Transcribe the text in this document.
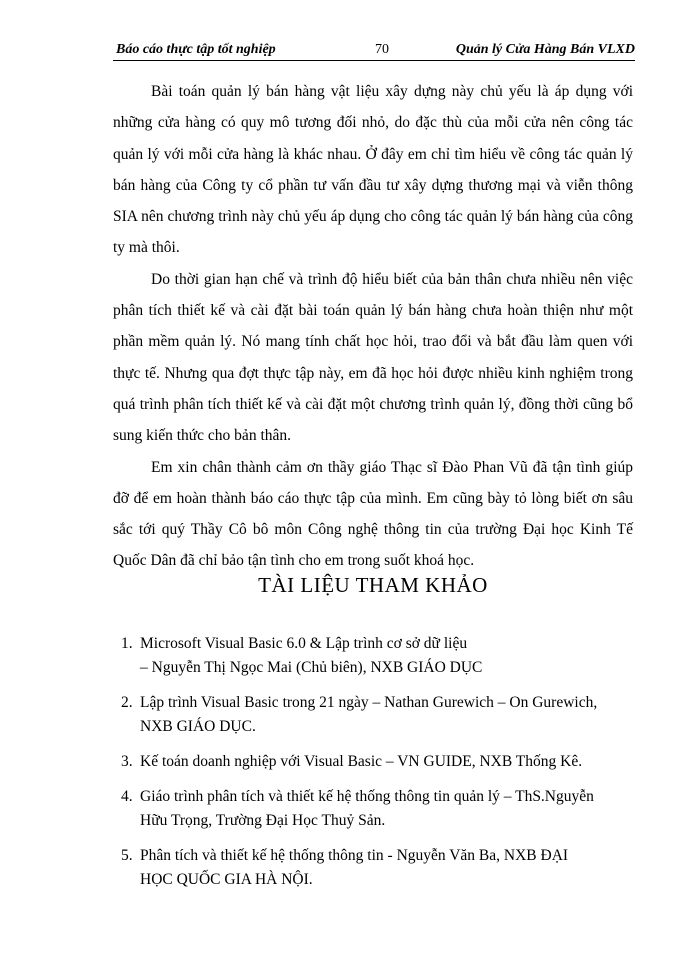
Báo cáo thực tập tốt nghiệp	70	Quản lý Cửa Hàng Bán VLXD

Bài toán quản lý bán hàng vật liệu xây dựng này chủ yếu là áp dụng với những cửa hàng có quy mô tương đối nhỏ, do đặc thù của mỗi cửa nên công tác quản lý với mỗi cửa hàng là khác nhau. Ở đây em chỉ tìm hiểu về công tác quản lý bán hàng của Công ty cổ phần tư vấn đầu tư xây dựng thương mại và viễn thông SIA nên chương trình này chủ yếu áp dụng cho công tác quản lý bán hàng của công ty mà thôi.

Do thời gian hạn chế và trình độ hiểu biết của bản thân chưa nhiều nên việc phân tích thiết kế và cài đặt bài toán quản lý bán hàng chưa hoàn thiện như một phần mềm quản lý. Nó mang tính chất học hỏi, trao đổi và bắt đầu làm quen với thực tế. Nhưng qua đợt thực tập này, em đã học hỏi được nhiều kinh nghiệm trong quá trình phân tích thiết kế và cài đặt một chương trình quản lý, đồng thời cũng bổ sung kiến thức cho bản thân.

Em xin chân thành cảm ơn thầy giáo Thạc sĩ Đào Phan Vũ đã tận tình giúp đỡ để em hoàn thành báo cáo thực tập của mình. Em cũng bày tỏ lòng biết ơn sâu sắc tới quý Thầy Cô bô môn Công nghệ thông tin của trường Đại học Kinh Tế Quốc Dân đã chỉ bảo tận tình cho em trong suốt khoá học.

TÀI LIỆU THAM KHẢO
1. Microsoft Visual Basic 6.0 & Lập trình cơ sở dữ liệu
– Nguyễn Thị Ngọc Mai (Chủ biên), NXB GIÁO DỤC
2. Lập trình Visual Basic trong 21 ngày – Nathan Gurewich – On Gurewich,
NXB GIÁO DỤC.
3. Kế toán doanh nghiệp với Visual Basic – VN GUIDE, NXB Thống Kê.
4. Giáo trình phân tích và thiết kế hệ thống thông tin quản lý – ThS.Nguyễn
Hữu Trọng, Trường Đại Học Thuỷ Sản.
5. Phân tích và thiết kế hệ thống thông tin - Nguyễn Văn Ba, NXB ĐẠI
HỌC QUỐC GIA HÀ NỘI.
